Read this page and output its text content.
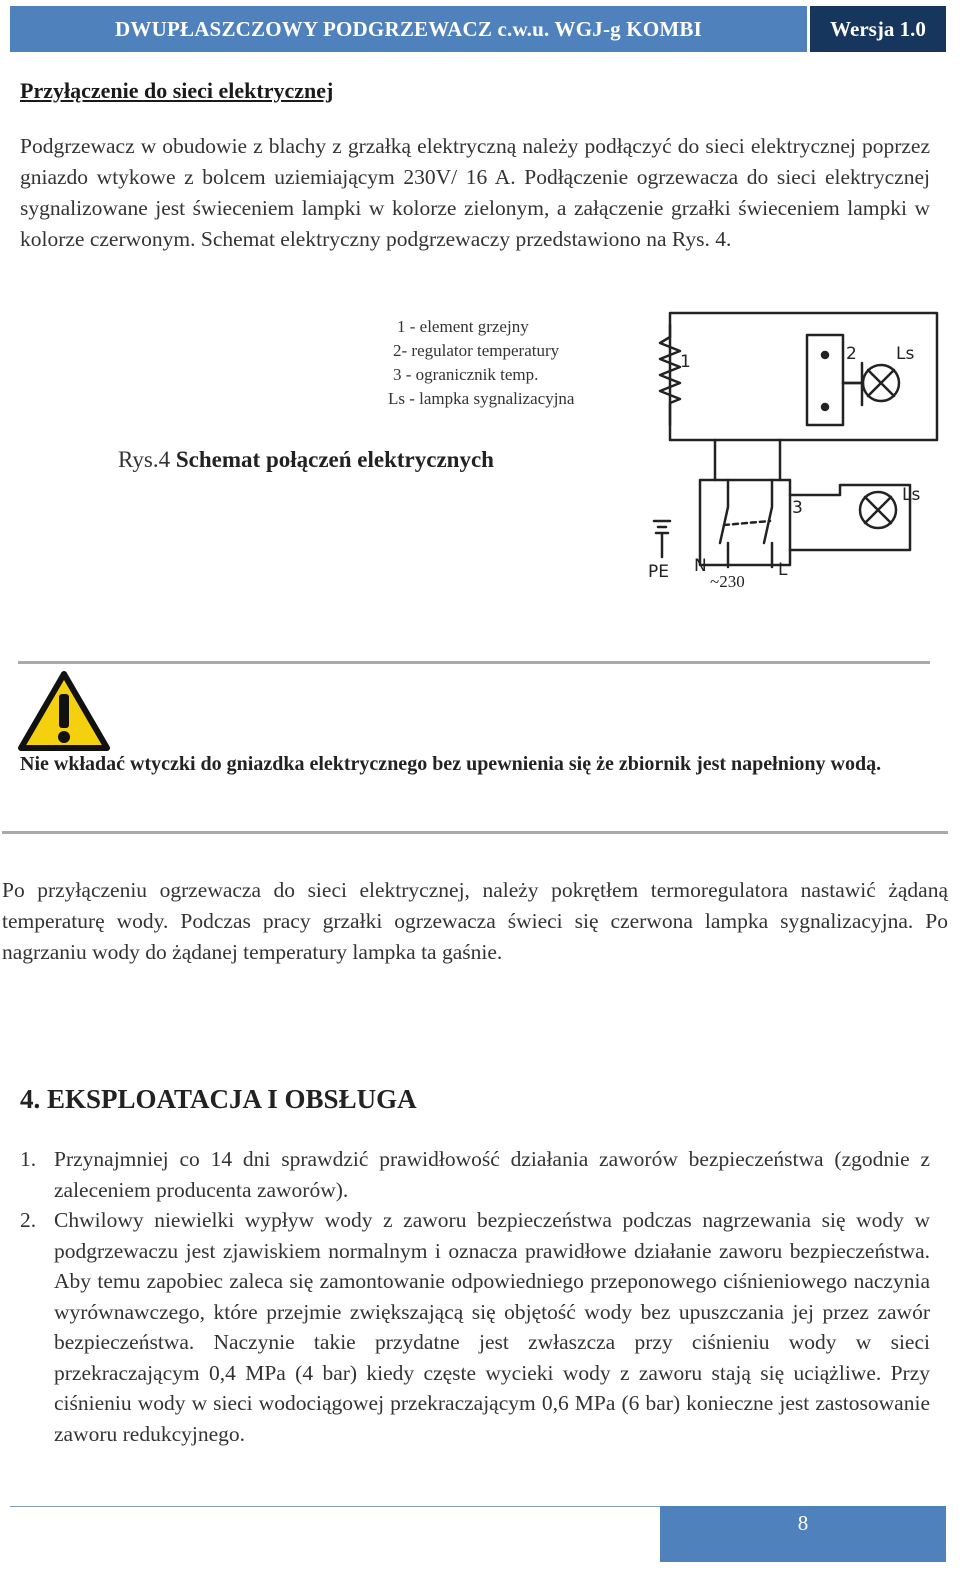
DWUPŁASZCZOWY PODGRZEWACZ c.w.u. WGJ-g KOMBI	Wersja 1.0
Przyłączenie do sieci elektrycznej

Podgrzewacz w obudowie z blachy z grzałką elektryczną należy podłączyć do sieci elektrycznej poprzez gniazdo wtykowe z bolcem uziemiającym 230V/ 16 A. Podłączenie ogrzewacza do sieci elektrycznej sygnalizowane jest świeceniem lampki w kolorze zielonym, a załączenie grzałki świeceniem lampki w kolorze czerwonym. Schemat elektryczny podgrzewaczy przedstawiono na Rys. 4.

1 - element grzejny
2- regulator temperatury
3 - ogranicznik temp.
Ls - lampka sygnalizacyjna
Rys.4 Schemat połączeń elektrycznych
1	2 Ls
3
Ls
PE N	L
~230

Nie wkładać wtyczki do gniazdka elektrycznego bez upewnienia się że zbiornik jest napełniony wodą.

Po przyłączeniu ogrzewacza do sieci elektrycznej, należy pokrętłem termoregulatora nastawić żądaną temperaturę wody. Podczas pracy grzałki ogrzewacza świeci się czerwona lampka sygnalizacyjna. Po nagrzaniu wody do żądanej temperatury lampka ta gaśnie.

4. EKSPLOATACJA I OBSŁUGA
1. Przynajmniej co 14 dni sprawdzić prawidłowość działania zaworów bezpieczeństwa (zgodnie z zaleceniem producenta zaworów).
2. Chwilowy niewielki wypływ wody z zaworu bezpieczeństwa podczas nagrzewania się wody w podgrzewaczu jest zjawiskiem normalnym i oznacza prawidłowe działanie zaworu bezpieczeństwa. Aby temu zapobiec zaleca się zamontowanie odpowiedniego przeponowego ciśnieniowego naczynia wyrównawczego, które przejmie zwiększającą się objętość wody bez upuszczania jej przez zawór bezpieczeństwa. Naczynie takie przydatne jest zwłaszcza przy ciśnieniu wody w sieci przekraczającym 0,4 MPa (4 bar) kiedy częste wycieki wody z zaworu stają się uciążliwe. Przy ciśnieniu wody w sieci wodociągowej przekraczającym 0,6 MPa (6 bar) konieczne jest zastosowanie zaworu redukcyjnego.
8
